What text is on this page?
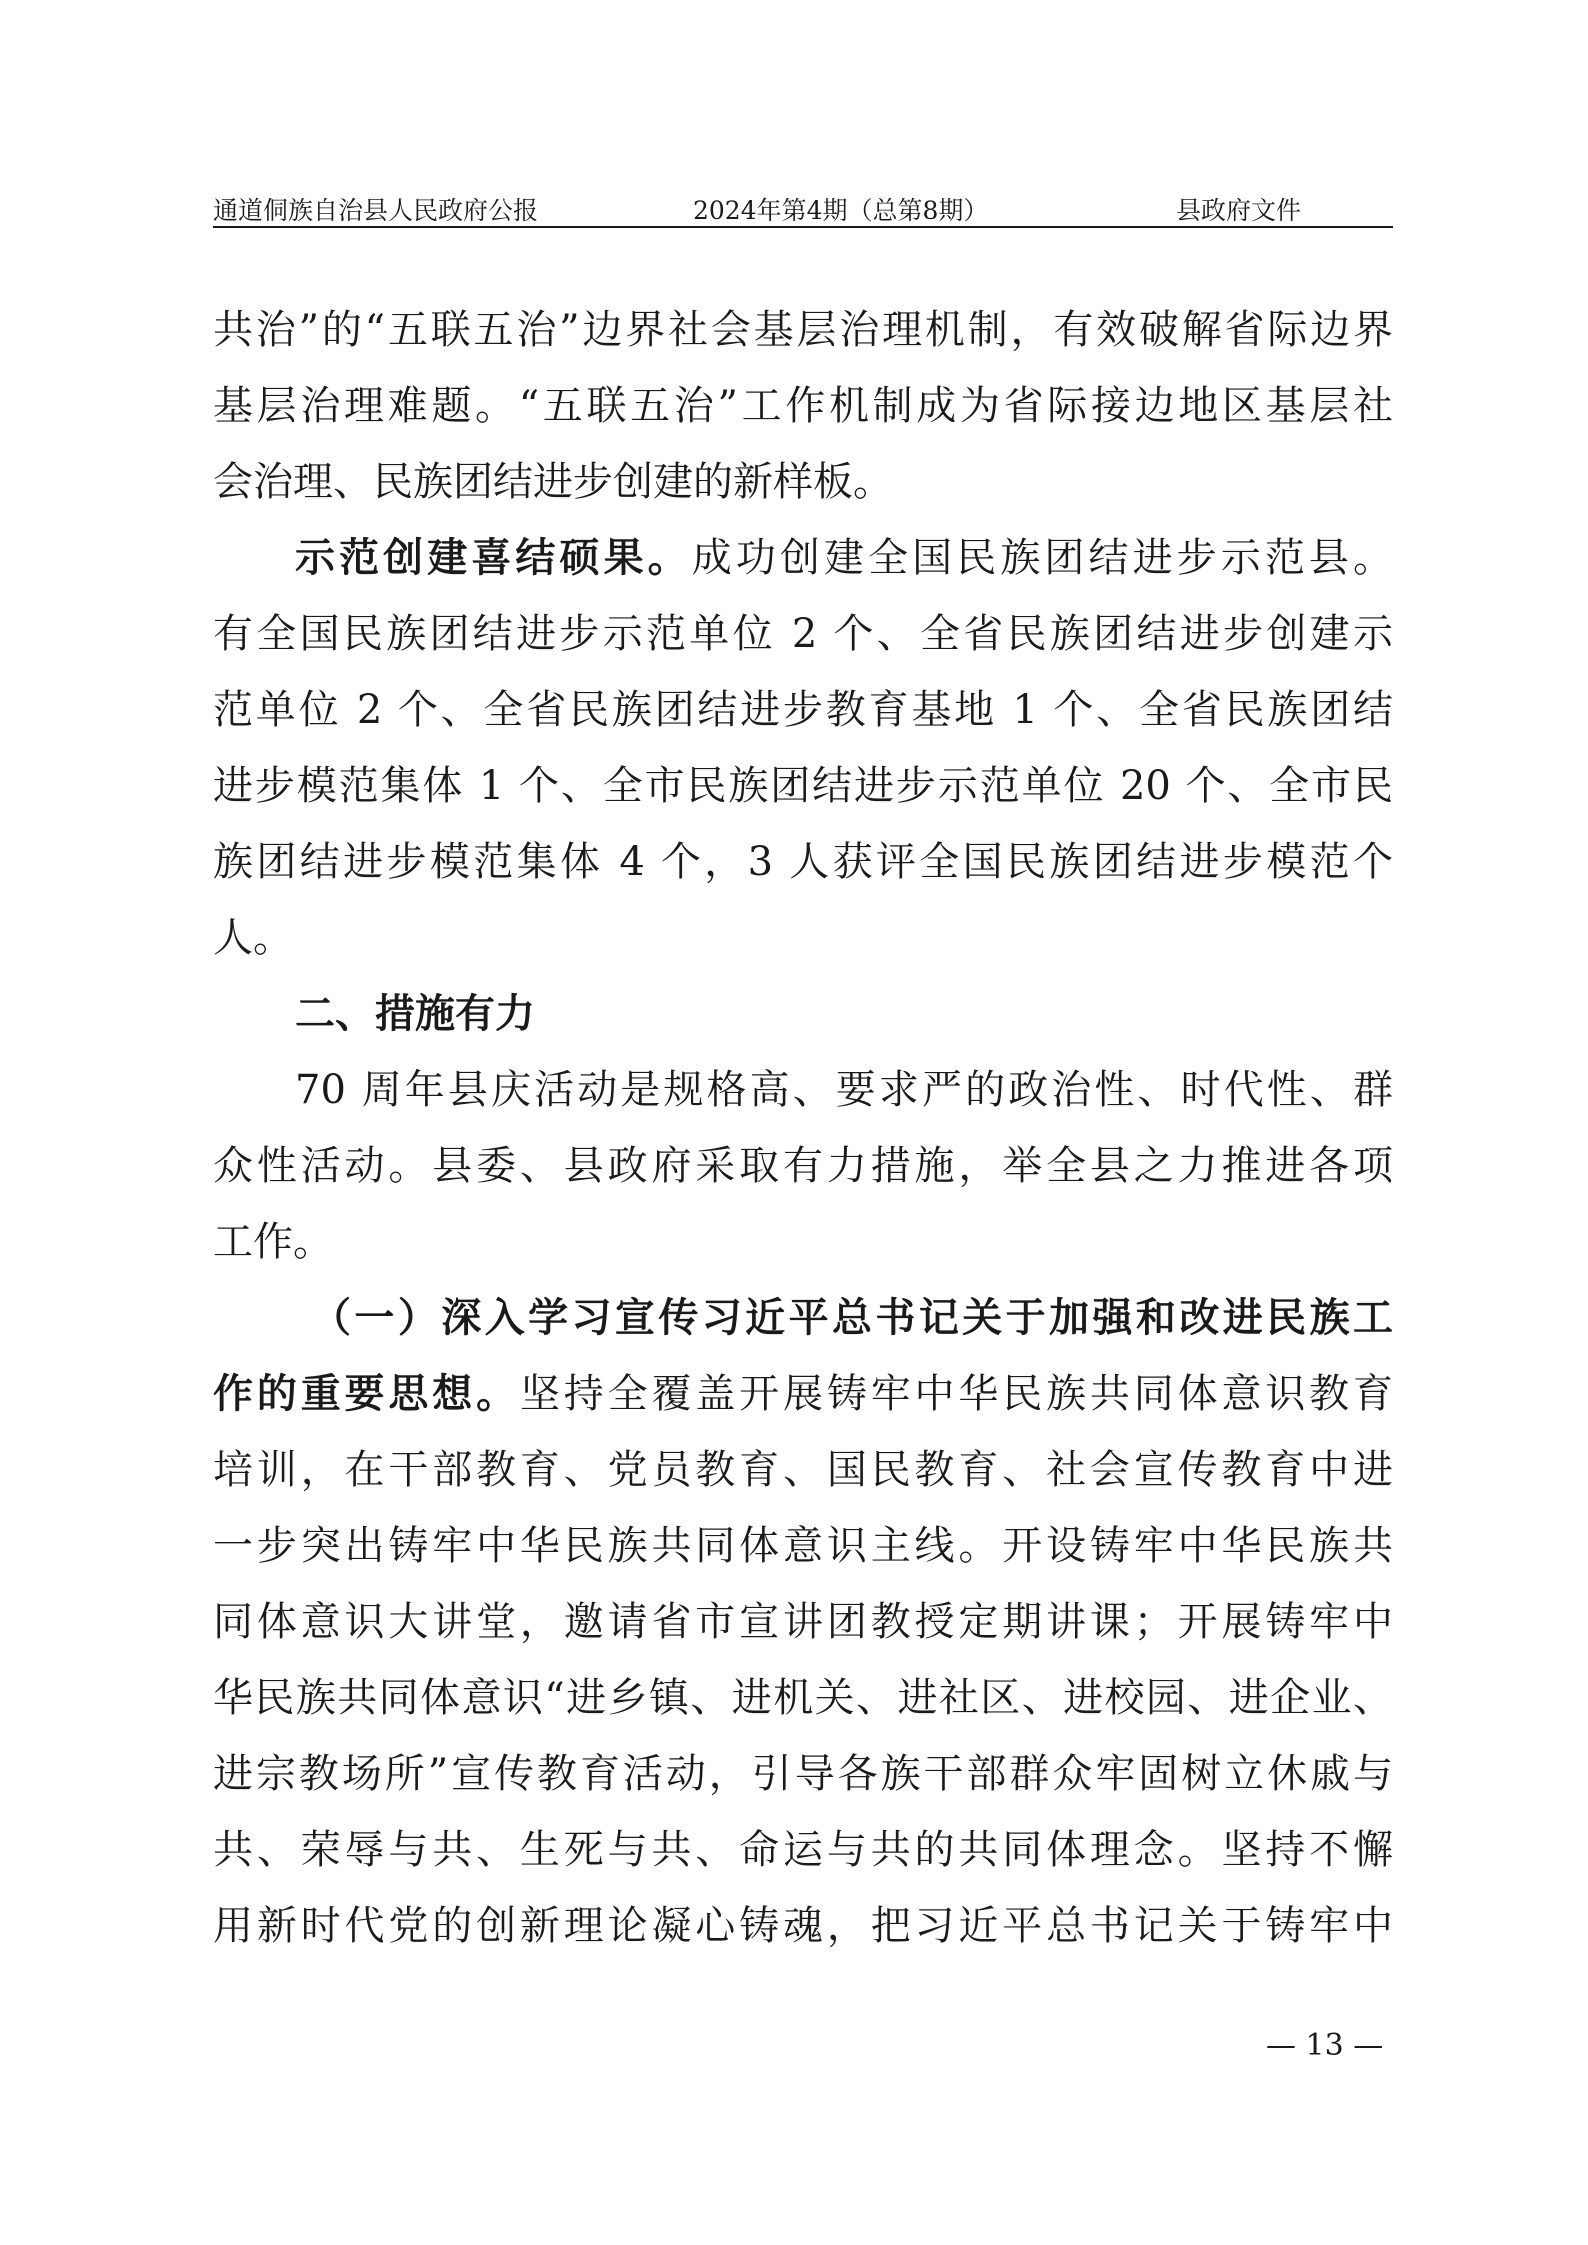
通道侗族自治县人民政府公报	2024年第4期（总第8期）	县政府文件
共治”的“五联五治”边界社会基层治理机制，有效破解省际边界
基层治理难题。“五联五治”工作机制成为省际接边地区基层社
会治理、民族团结进步创建的新样板。
示范创建喜结硕果。成功创建全国民族团结进步示范县。
有全国民族团结进步示范单位 2 个、全省民族团结进步创建示
范单位 2 个、全省民族团结进步教育基地 1 个、全省民族团结
进步模范集体 1 个、全市民族团结进步示范单位 20 个、全市民
族团结进步模范集体 4 个，3 人获评全国民族团结进步模范个
人。
二、措施有力
70 周年县庆活动是规格高、要求严的政治性、时代性、群
众性活动。县委、县政府采取有力措施，举全县之力推进各项
工作。
（一）深入学习宣传习近平总书记关于加强和改进民族工
作的重要思想。坚持全覆盖开展铸牢中华民族共同体意识教育
培训，在干部教育、党员教育、国民教育、社会宣传教育中进
一步突出铸牢中华民族共同体意识主线。开设铸牢中华民族共
同体意识大讲堂，邀请省市宣讲团教授定期讲课；开展铸牢中
华民族共同体意识“进乡镇、进机关、进社区、进校园、进企业、
进宗教场所”宣传教育活动，引导各族干部群众牢固树立休戚与
共、荣辱与共、生死与共、命运与共的共同体理念。坚持不懈
用新时代党的创新理论凝心铸魂，把习近平总书记关于铸牢中
— 13 —
